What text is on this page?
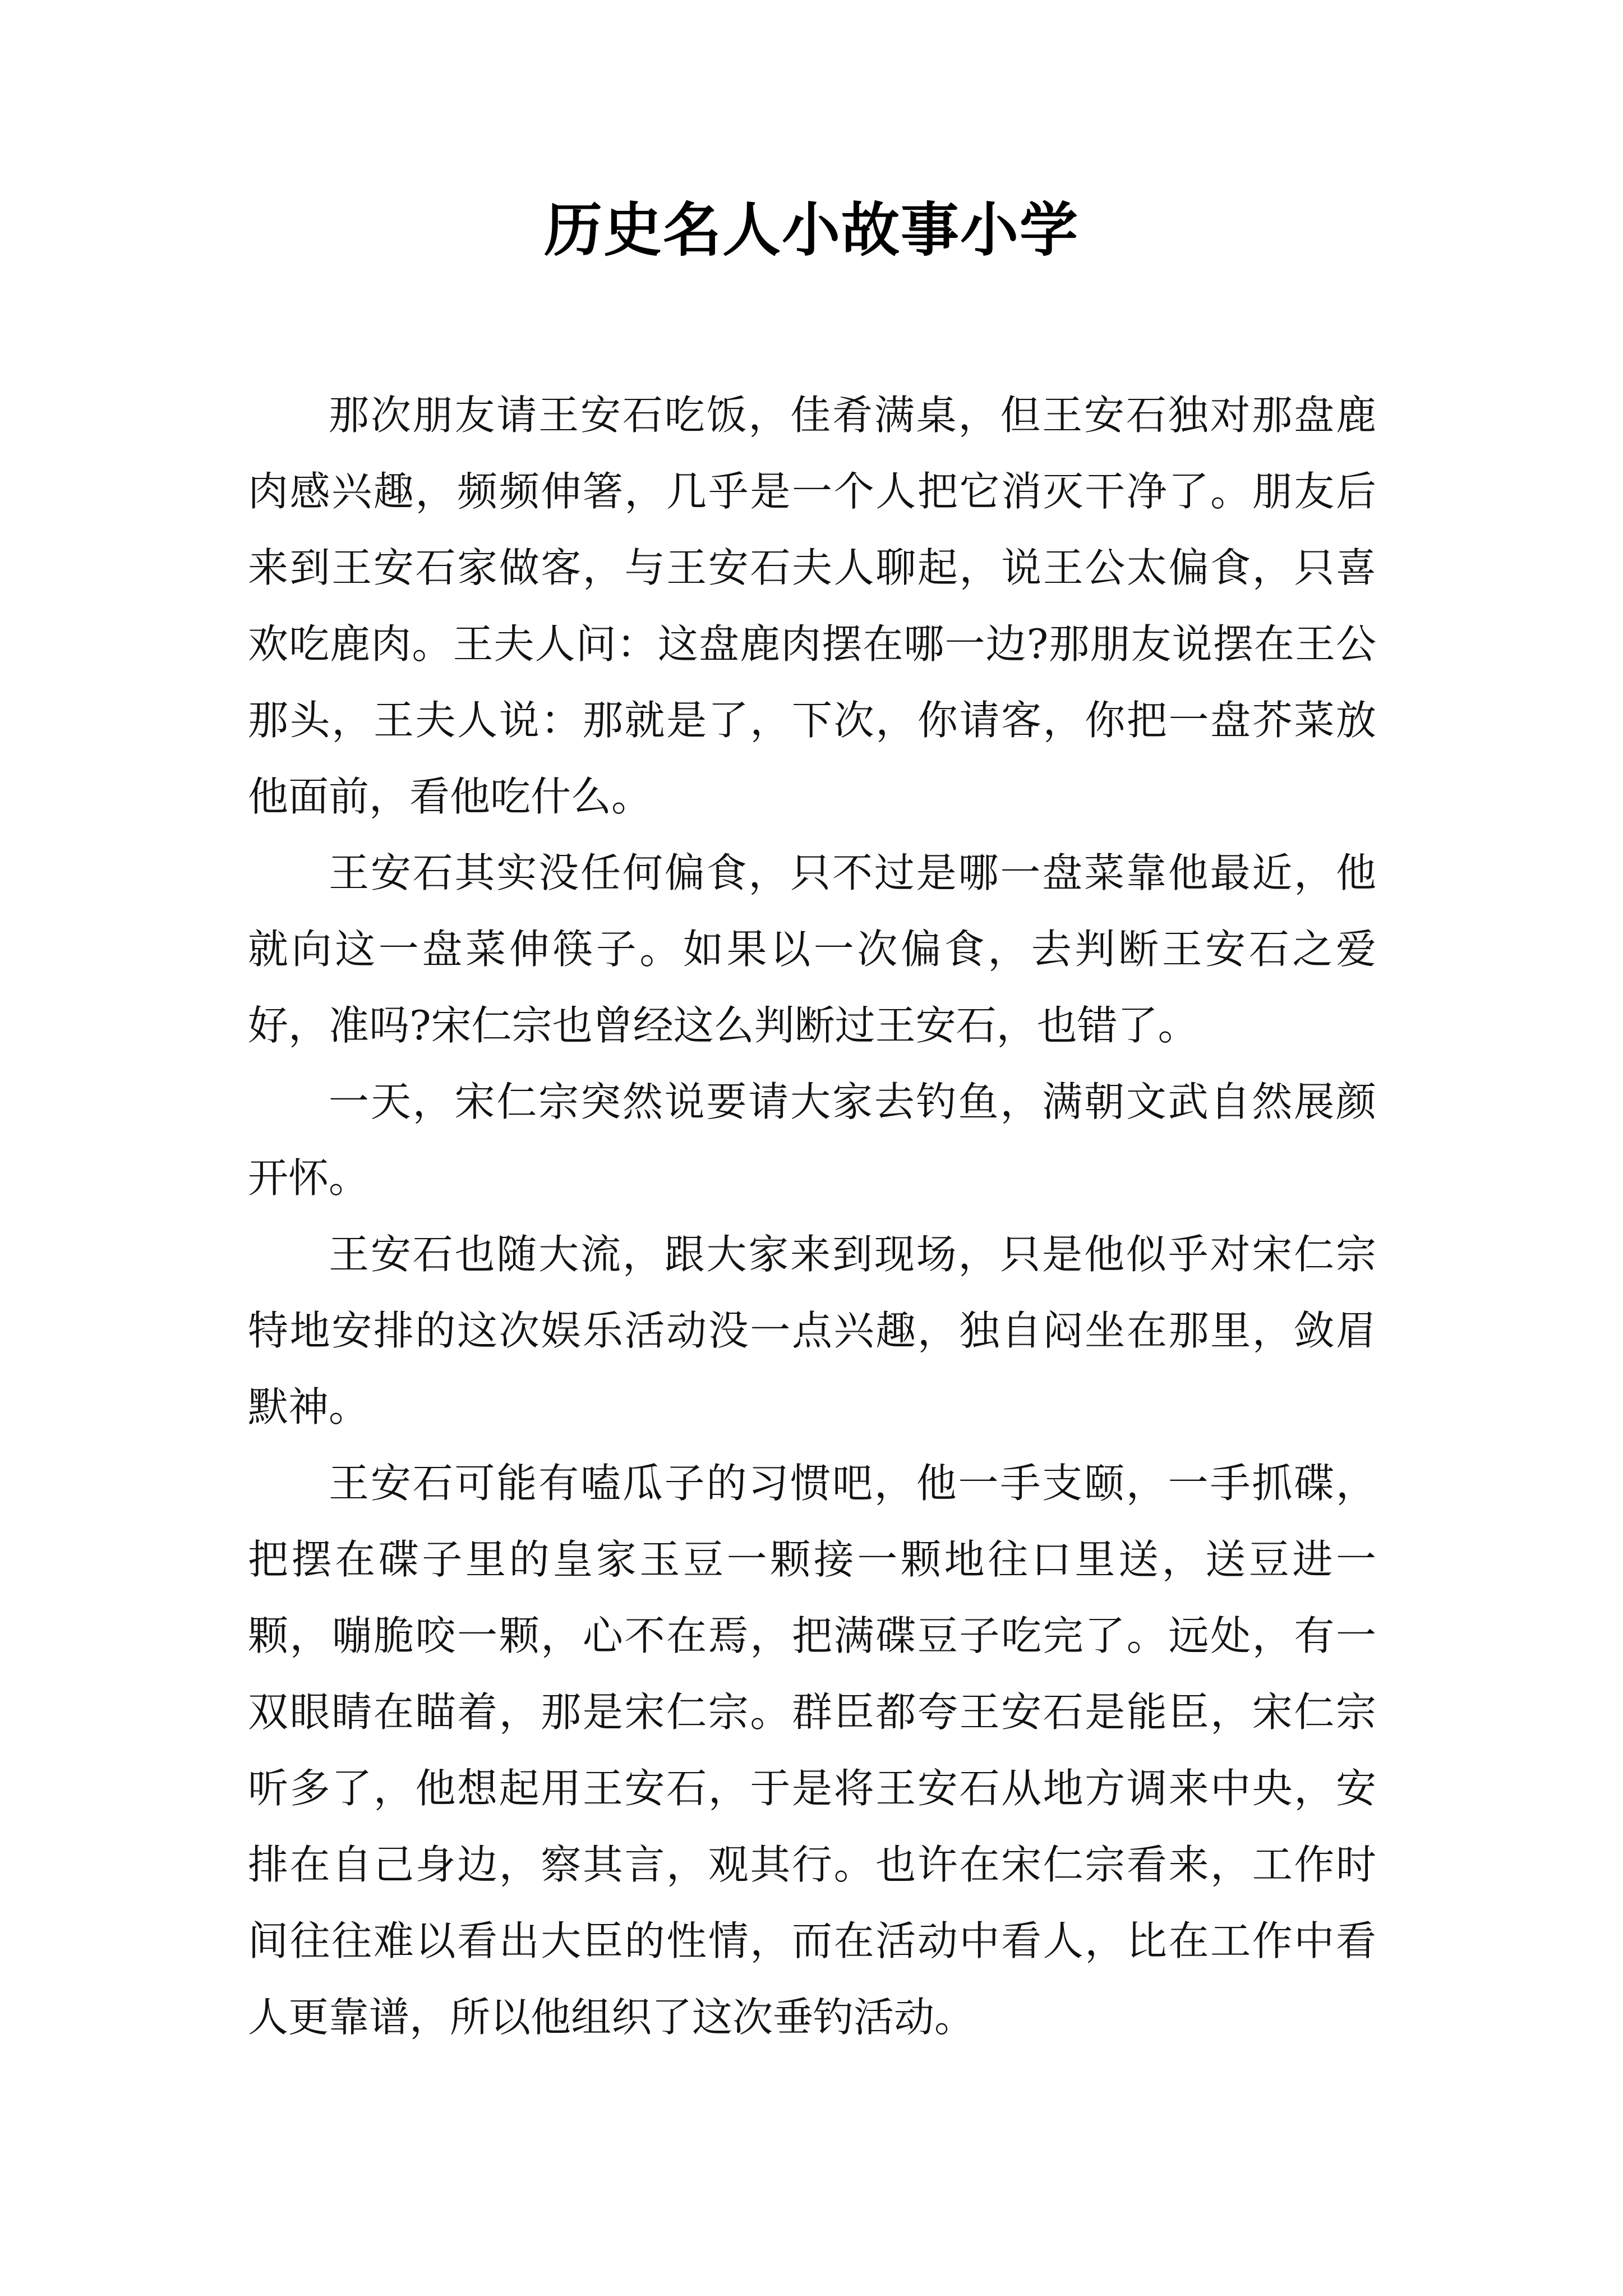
历史名人小故事小学

那次朋友请王安石吃饭，佳肴满桌，但王安石独对那盘鹿肉感兴趣，频频伸箸，几乎是一个人把它消灭干净了。朋友后来到王安石家做客，与王安石夫人聊起，说王公太偏食，只喜欢吃鹿肉。王夫人问：这盘鹿肉摆在哪一边?那朋友说摆在王公那头，王夫人说：那就是了，下次，你请客，你把一盘芥菜放他面前，看他吃什么。

王安石其实没任何偏食，只不过是哪一盘菜靠他最近，他就向这一盘菜伸筷子。如果以一次偏食，去判断王安石之爱好，准吗?宋仁宗也曾经这么判断过王安石，也错了。

一天，宋仁宗突然说要请大家去钓鱼，满朝文武自然展颜开怀。

王安石也随大流，跟大家来到现场，只是他似乎对宋仁宗特地安排的这次娱乐活动没一点兴趣，独自闷坐在那里，敛眉默神。

王安石可能有嗑瓜子的习惯吧，他一手支颐，一手抓碟，把摆在碟子里的皇家玉豆一颗接一颗地往口里送，送豆进一颗，嘣脆咬一颗，心不在焉，把满碟豆子吃完了。远处，有一双眼睛在瞄着，那是宋仁宗。群臣都夸王安石是能臣，宋仁宗听多了，他想起用王安石，于是将王安石从地方调来中央，安排在自己身边，察其言，观其行。也许在宋仁宗看来，工作时间往往难以看出大臣的性情，而在活动中看人，比在工作中看人更靠谱，所以他组织了这次垂钓活动。
